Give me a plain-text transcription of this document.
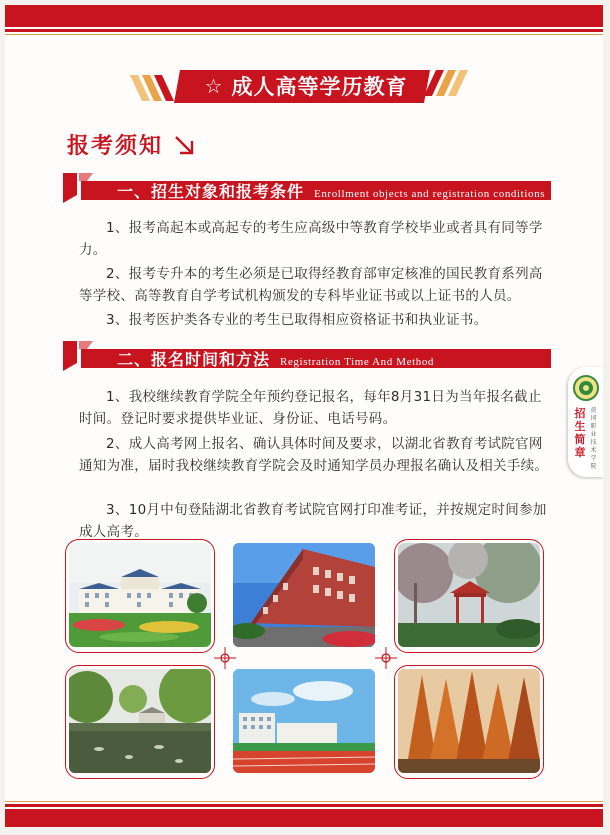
☆ 成人高等学历教育
报考须知
一、招生对象和报考条件 Enrollment objects and registration conditions

1、报考高起本或高起专的考生应高级中等教育学校毕业或者具有同等学力。

2、报考专升本的考生必须是已取得经教育部审定核准的国民教育系列高等学校、高等教育自学考试机构颁发的专科毕业证书或以上证书的人员。

3、报考医护类各专业的考生已取得相应资格证书和执业证书。

二、报名时间和方法 Registration Time And Method

1、我校继续教育学院全年预约登记报名，每年8月31日为当年报名截止时间。登记时要求提供毕业证、身份证、电话号码。

2、成人高考网上报名、确认具体时间及要求，以湖北省教育考试院官网通知为准，届时我校继续教育学院会及时通知学员办理报名确认及相关手续。

3、10月中旬登陆湖北省教育考试院官网打印准考证，并按规定时间参加成人高考。

招
生
简
章
黄
冈
职
业
技
术
学
院
